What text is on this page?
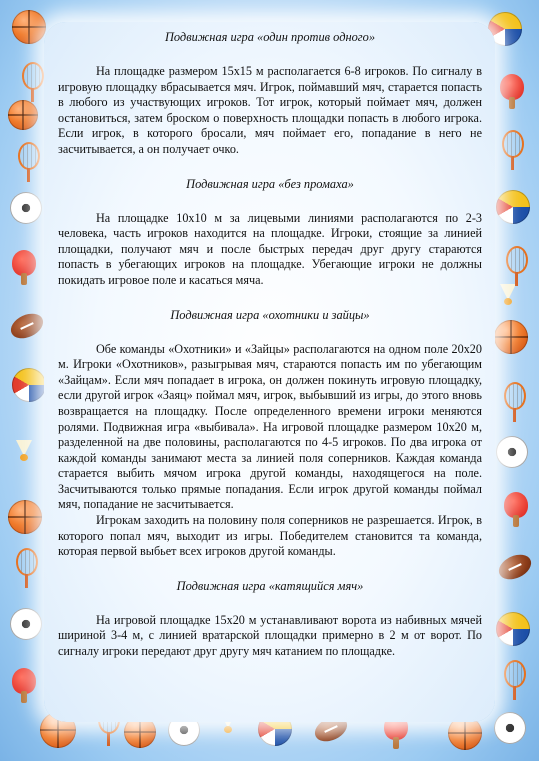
Подвижная игра «один против одного»

На площадке размером 15x15 м располагается 6-8 игроков. По сигналу в игровую площадку вбрасывается мяч. Игрок, поймавший мяч, старается попасть в любого из участвующих игроков. Тот игрок, который поймает мяч, должен остановиться, затем броском о поверхность площадки попасть в любого игрока. Если игрок, в которого бросали, мяч поймает его, попадание в него не засчитывается, а он получает очко.

Подвижная игра «без промаха»

На площадке 10x10 м за лицевыми линиями располагаются по 2-3 человека, часть игроков находится на площадке. Игроки, стоящие за линией площадки, получают мяч и после быстрых передач друг другу стараются попасть в убегающих игроков на площадке. Убегающие игроки не должны покидать игровое поле и касаться мяча.

Подвижная игра «охотники и зайцы»

Обе команды «Охотники» и «Зайцы» располагаются на одном поле 20x20 м. Игроки «Охотников», разыгрывая мяч, стараются попасть им по убегающим «Зайцам». Если мяч попадает в игрока, он должен покинуть игровую площадку, если другой игрок «Заяц» поймал мяч, игрок, выбывший из игры, до этого вновь возвращается на площадку. После определенного времени игроки меняются ролями. Подвижная игра «выбивала». На игровой площадке размером 10x20 м, разделенной на две половины, располагаются по 4-5 игроков. По два игрока от каждой команды занимают места за линией поля соперников. Каждая команда старается выбить мячом игрока другой команды, находящегося на поле. Засчитываются только прямые попадания. Если игрок другой команды поймал мяч, попадание не засчитывается.

Игрокам заходить на половину поля соперников не разрешается. Игрок, в которого попал мяч, выходит из игры. Победителем становится та команда, которая первой выбьет всех игроков другой команды.

Подвижная игра «катящийся мяч»

На игровой площадке 15x20 м устанавливают ворота из набивных мячей шириной 3-4 м, с линией вратарской площадки примерно в 2 м от ворот. По сигналу игроки передают друг другу мяч катанием по площадке.
